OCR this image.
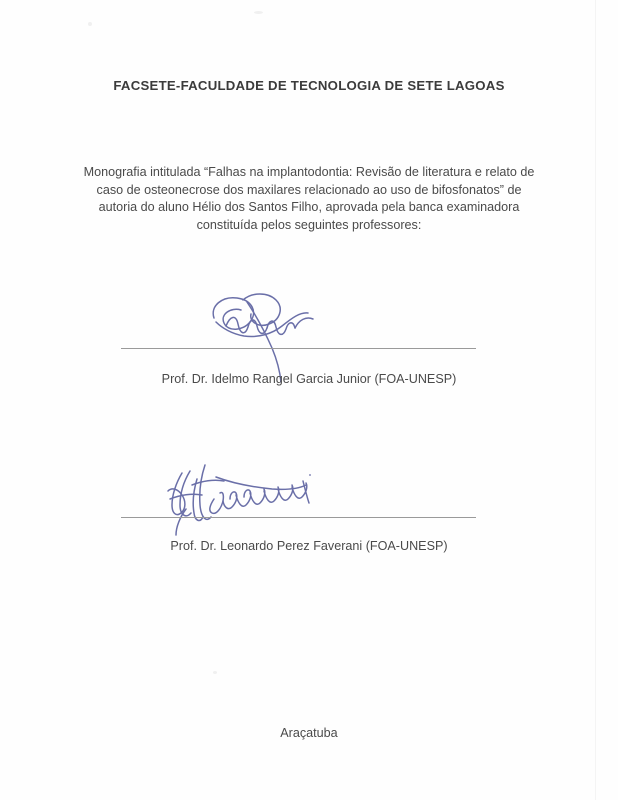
FACSETE-FACULDADE DE TECNOLOGIA DE SETE LAGOAS
Monografia intitulada “Falhas na implantodontia: Revisão de literatura e relato de caso de osteonecrose dos maxilares relacionado ao uso de bifosfonatos” de autoria do aluno Hélio dos Santos Filho, aprovada pela banca examinadora constituída pelos seguintes professores:
Prof. Dr. Idelmo Rangel Garcia Junior (FOA-UNESP)
Prof. Dr. Leonardo Perez Faverani (FOA-UNESP)
Araçatuba
